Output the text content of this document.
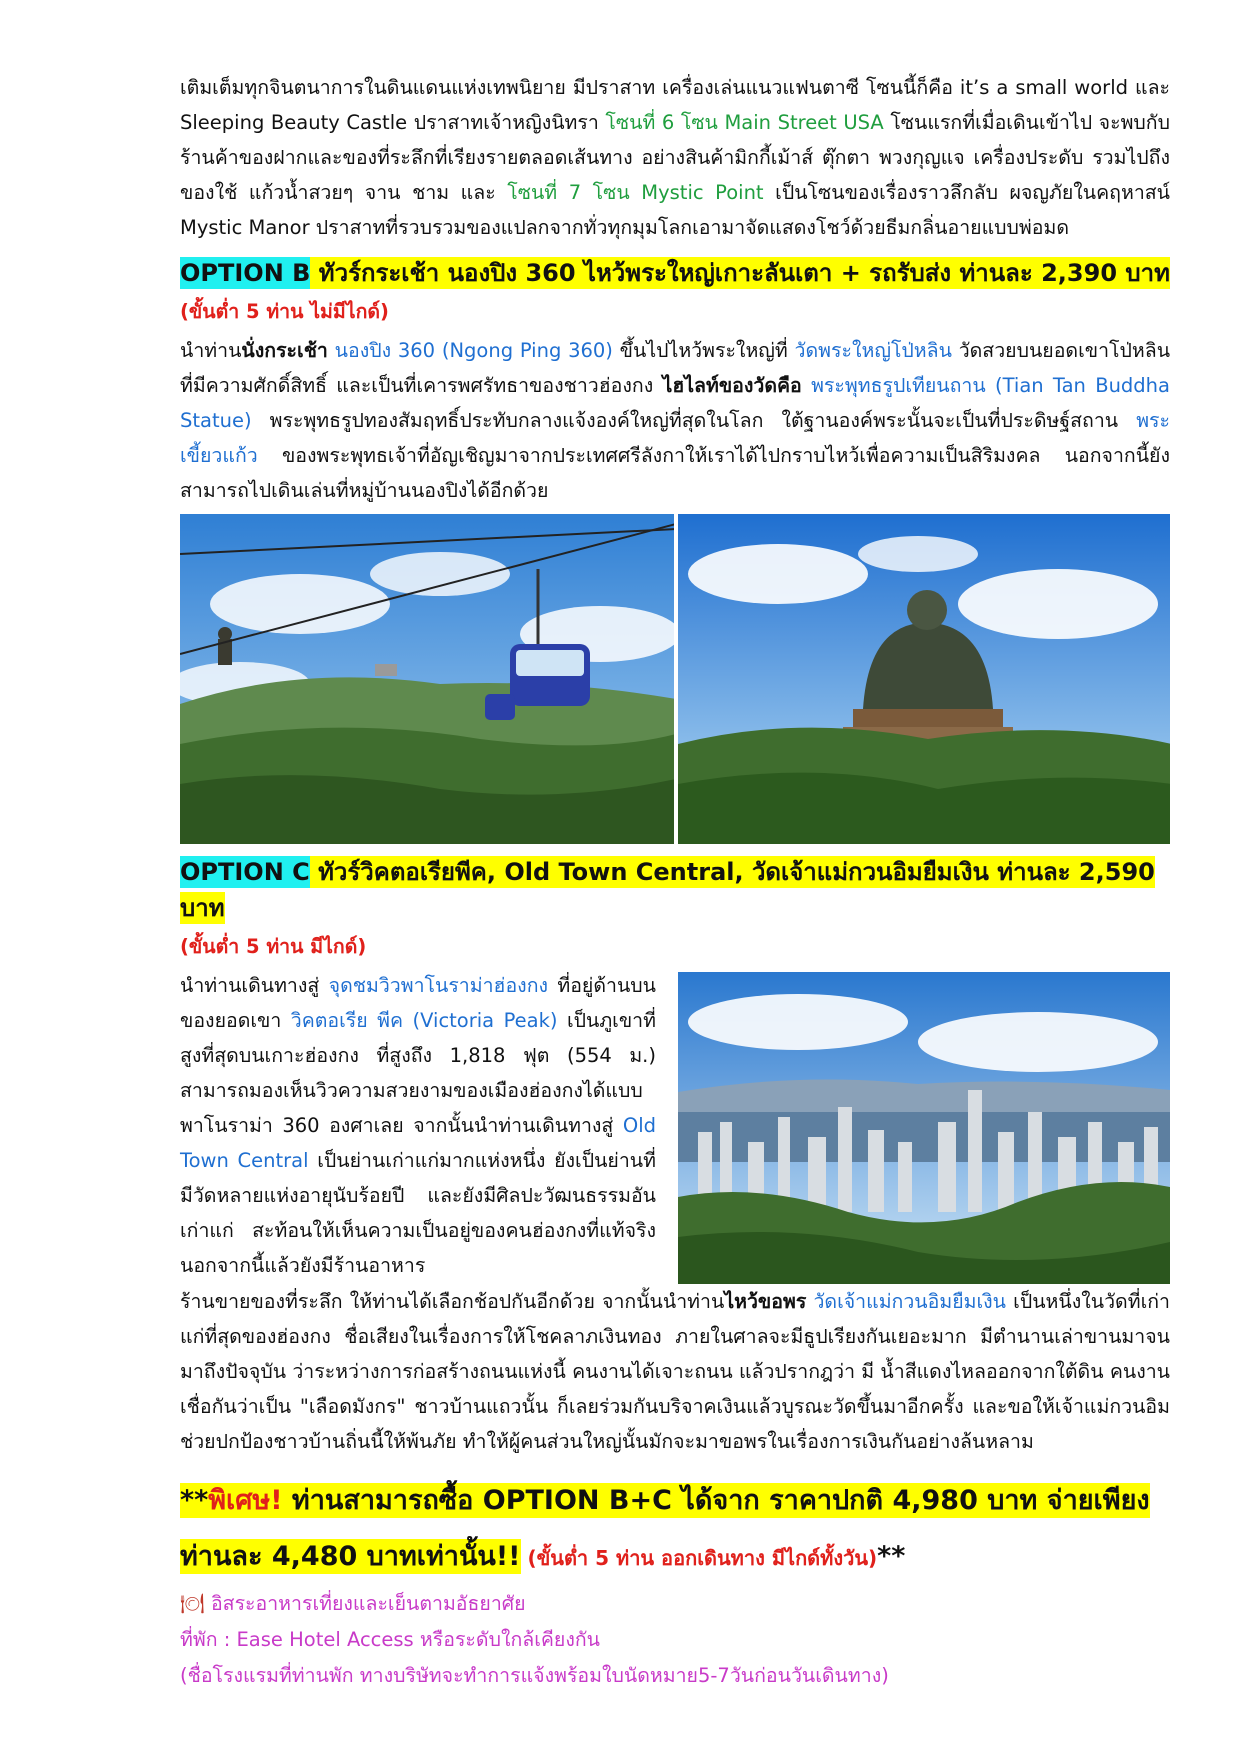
เติมเต็มทุกจินตนาการในดินแดนแห่งเทพนิยาย มีปราสาท เครื่องเล่นแนวแฟนตาซี โซนนี้ก็คือ it’s a small world และ Sleeping Beauty Castle ปราสาทเจ้าหญิงนิทรา โซนที่ 6 โซน Main Street USA โซนแรกที่เมื่อเดินเข้าไป จะพบกับร้านค้าของฝากและของที่ระลึกที่เรียงรายตลอดเส้นทาง อย่างสินค้ามิกกี้เม้าส์ ตุ๊กตา พวงกุญแจ เครื่องประดับ รวมไปถึงของใช้ แก้วน้ำสวยๆ จาน ชาม และ โซนที่ 7 โซน Mystic Point เป็นโซนของเรื่องราวลึกลับ ผจญภัยในคฤหาสน์ Mystic Manor ปราสาทที่รวบรวมของแปลกจากทั่วทุกมุมโลกเอามาจัดแสดงโชว์ด้วยธีมกลิ่นอายแบบพ่อมด

OPTION B ทัวร์กระเช้า นองปิง 360 ไหว้พระใหญ่เกาะลันเตา + รถรับส่ง ท่านละ 2,390 บาท
(ขั้นต่ำ 5 ท่าน ไม่มีไกด์)

นำท่านนั่งกระเช้า นองปิง 360 (Ngong Ping 360) ขึ้นไปไหว้พระใหญ่ที่ วัดพระใหญ่โป่หลิน วัดสวยบนยอดเขาโป่หลินที่มีความศักดิ์สิทธิ์ และเป็นที่เคารพศรัทธาของชาวฮ่องกง ไฮไลท์ของวัดคือ พระพุทธรูปเทียนถาน (Tian Tan Buddha Statue) พระพุทธรูปทองสัมฤทธิ์ประทับกลางแจ้งองค์ใหญ่ที่สุดในโลก ใต้ฐานองค์พระนั้นจะเป็นที่ประดิษฐ์สถาน พระเขี้ยวแก้ว ของพระพุทธเจ้าที่อัญเชิญมาจากประเทศศรีลังกาให้เราได้ไปกราบไหว้เพื่อความเป็นสิริมงคล นอกจากนี้ยังสามารถไปเดินเล่นที่หมู่บ้านนองปิงได้อีกด้วย

OPTION C ทัวร์วิคตอเรียพีค, Old Town Central, วัดเจ้าแม่กวนอิมยืมเงิน ท่านละ 2,590 บาท
(ขั้นต่ำ 5 ท่าน มีไกด์)

นำท่านเดินทางสู่ จุดชมวิวพาโนราม่าฮ่องกง ที่อยู่ด้านบนของยอดเขา วิคตอเรีย พีค (Victoria Peak) เป็นภูเขาที่สูงที่สุดบนเกาะฮ่องกง ที่สูงถึง 1,818 ฟุต (554 ม.) สามารถมองเห็นวิวความสวยงามของเมืองฮ่องกงได้แบบพาโนราม่า 360 องศาเลย จากนั้นนำท่านเดินทางสู่ Old Town Central เป็นย่านเก่าแก่มากแห่งหนึ่ง ยังเป็นย่านที่มีวัดหลายแห่งอายุนับร้อยปี และยังมีศิลปะวัฒนธรรมอันเก่าแก่ สะท้อนให้เห็นความเป็นอยู่ของคนฮ่องกงที่แท้จริง นอกจากนี้แล้วยังมีร้านอาหาร

ร้านขายของที่ระลึก ให้ท่านได้เลือกช้อปกันอีกด้วย จากนั้นนำท่านไหว้ขอพร วัดเจ้าแม่กวนอิมยืมเงิน เป็นหนึ่งในวัดที่เก่าแก่ที่สุดของฮ่องกง ชื่อเสียงในเรื่องการให้โชคลาภเงินทอง ภายในศาลจะมีธูปเรียงกันเยอะมาก มีตำนานเล่าขานมาจนมาถึงปัจจุบัน ว่าระหว่างการก่อสร้างถนนแห่งนี้ คนงานได้เจาะถนน แล้วปรากฎว่า มี น้ำสีแดงไหลออกจากใต้ดิน คนงานเชื่อกันว่าเป็น "เลือดมังกร" ชาวบ้านแถวนั้น ก็เลยร่วมกันบริจาคเงินแล้วบูรณะวัดขึ้นมาอีกครั้ง และขอให้เจ้าแม่กวนอิม ช่วยปกป้องชาวบ้านถิ่นนี้ให้พ้นภัย ทำให้ผู้คนส่วนใหญ่นั้นมักจะมาขอพรในเรื่องการเงินกันอย่างล้นหลาม

**พิเศษ! ท่านสามารถซื้อ OPTION B+C ได้จาก ราคาปกติ 4,980 บาท จ่ายเพียงท่านละ 4,480 บาทเท่านั้น!! (ขั้นต่ำ 5 ท่าน ออกเดินทาง มีไกด์ทั้งวัน)**
🍽 อิสระอาหารเที่ยงและเย็นตามอัธยาศัย
ที่พัก : Ease Hotel Access หรือระดับใกล้เคียงกัน
(ชื่อโรงแรมที่ท่านพัก ทางบริษัทจะทำการแจ้งพร้อมใบนัดหมาย5-7วันก่อนวันเดินทาง)
